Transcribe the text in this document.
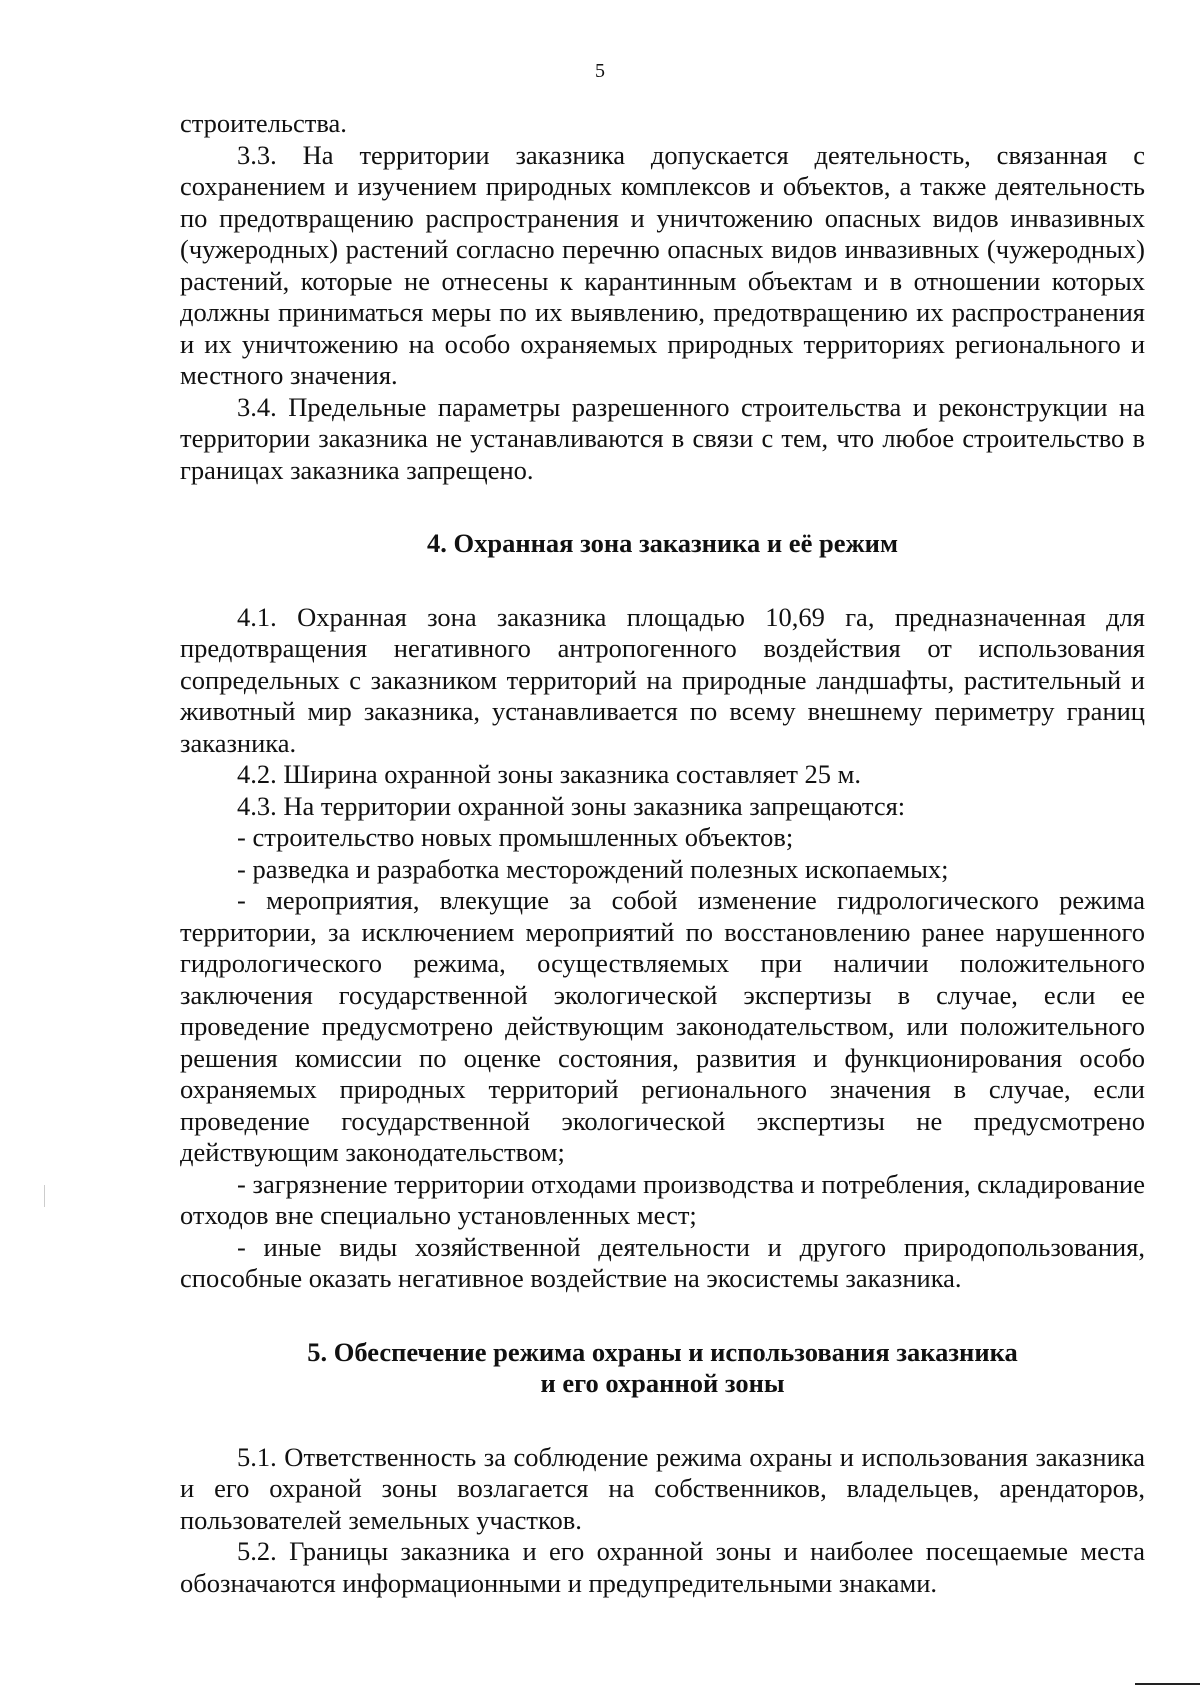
5

строительства.

3.3. На территории заказника допускается деятельность, связанная с сохранением и изучением природных комплексов и объектов, а также деятельность по предотвращению распространения и уничтожению опасных видов инвазивных (чужеродных) растений согласно перечню опасных видов инвазивных (чужеродных) растений, которые не отнесены к карантинным объектам и в отношении которых должны приниматься меры по их выявлению, предотвращению их распространения и их уничтожению на особо охраняемых природных территориях регионального и местного значения.

3.4. Предельные параметры разрешенного строительства и реконструкции на территории заказника не устанавливаются в связи с тем, что любое строительство в границах заказника запрещено.

4. Охранная зона заказника и её режим

4.1. Охранная зона заказника площадью 10,69 га, предназначенная для предотвращения негативного антропогенного воздействия от использования сопредельных с заказником территорий на природные ландшафты, растительный и животный мир заказника, устанавливается по всему внешнему периметру границ заказника.

4.2. Ширина охранной зоны заказника составляет 25 м.

4.3. На территории охранной зоны заказника запрещаются:

- строительство новых промышленных объектов;

- разведка и разработка месторождений полезных ископаемых;

- мероприятия, влекущие за собой изменение гидрологического режима территории, за исключением мероприятий по восстановлению ранее нарушенного гидрологического режима, осуществляемых при наличии положительного заключения государственной экологической экспертизы в случае, если ее проведение предусмотрено действующим законодательством, или положительного решения комиссии по оценке состояния, развития и функционирования особо охраняемых природных территорий регионального значения в случае, если проведение государственной экологической экспертизы не предусмотрено действующим законодательством;

- загрязнение территории отходами производства и потребления, складирование отходов вне специально установленных мест;

- иные виды хозяйственной деятельности и другого природопользования, способные оказать негативное воздействие на экосистемы заказника.

5. Обеспечение режима охраны и использования заказника
и его охранной зоны

5.1. Ответственность за соблюдение режима охраны и использования заказника и его охраной зоны возлагается на собственников, владельцев, арендаторов, пользователей земельных участков.

5.2. Границы заказника и его охранной зоны и наиболее посещаемые места обозначаются информационными и предупредительными знаками.
